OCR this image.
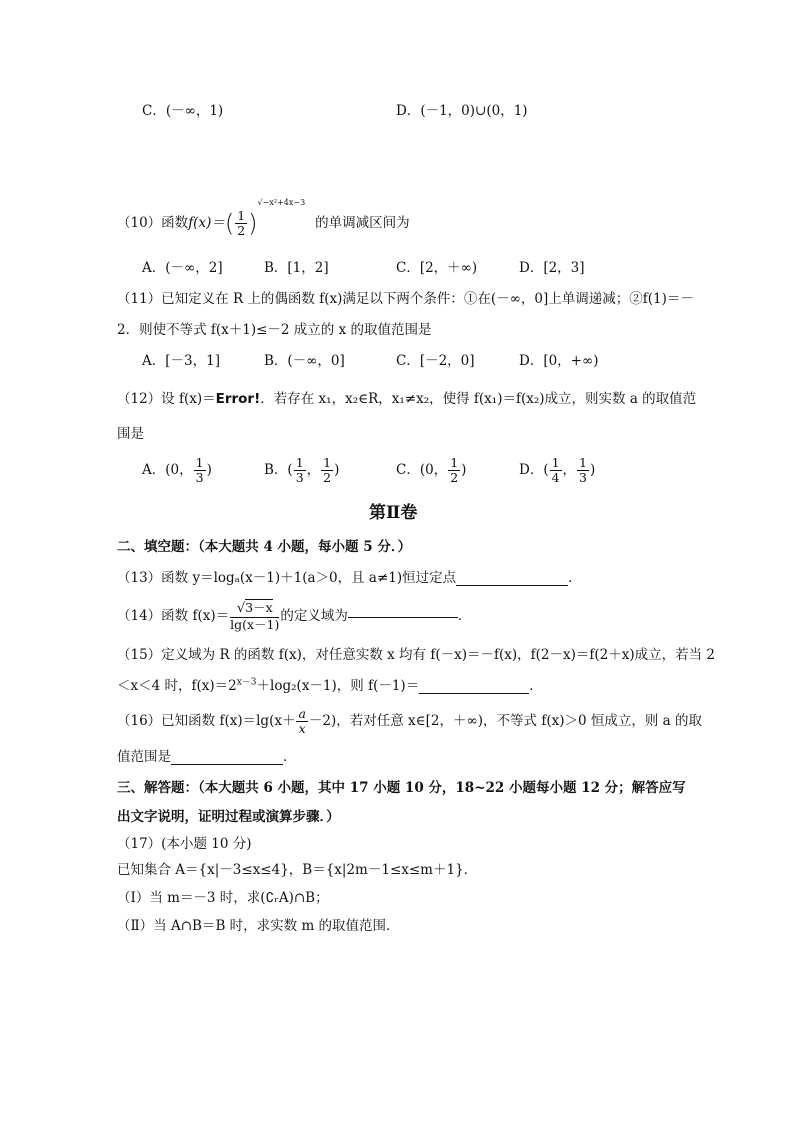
C．(－∞，1)	D．(－1，0)∪(0，1)
（10）函数$f(x)=( \frac{1}{2} )^{√-x^2+4x-3}$的单调减区间为
A．(－∞，2]	B．[1，2]	C．[2，＋∞)	D．[2，3]
（11）已知定义在 R 上的偶函数 f(x)满足以下两个条件：①在(－∞，0]上单调递减；②f(1)＝－
2．则使不等式 f(x＋1)≤－2 成立的 x 的取值范围是
A．[－3，1]	B．(－∞，0]	C．[－2，0]	D．[0，+∞)
（12）设 f(x)＝Error!．若存在 x₁，x₂∈R，x₁≠x₂，使得 f(x₁)＝f(x₂)成立，则实数 a 的取值范
围是
A．(0， $\frac{1}{3}$ )	B．( $\frac{1}{3}$ ， $\frac{1}{2}$ )	C．(0， $\frac{1}{2}$ )	D．( $\frac{1}{4}$ ， $\frac{1}{3}$ )
第Ⅱ卷
二、填空题：（本大题共 4 小题，每小题 5 分．）
（13）函数 y＝logₐ(x－1)＋1(a＞0，且 a≠1)恒过定点	．
（14）函数 $f(x)= \frac{√3-x}{\lg(x-1)}$ 的定义域为	．
（15）定义域为 R 的函数 f(x)，对任意实数 x 均有 f(－x)＝－f(x)，f(2－x)＝f(2＋x)成立，若当 2
＜x＜4 时，$f(x)=2^{x-3}+\log_2(x-1)$，则 f(－1)＝	．
（16）已知函数 $f(x)=\lg(x+ \frac{a}{x} -2)$，若对任意 x∈[2，＋∞)，不等式 f(x)＞0 恒成立，则 a 的取
值范围是	．
三、解答题：（本大题共 6 小题，其中 17 小题 10 分，18~22 小题每小题 12 分；解答应写
出文字说明，证明过程或演算步骤．）
（17）(本小题 10 分)
已知集合 A＝{x|－3≤x≤4}，B＝{x|2m－1≤x≤m＋1}．
（Ⅰ）当 m＝－3 时，求(∁ᵣA)∩B；
（Ⅱ）当 A∩B＝B 时，求实数 m 的取值范围．
